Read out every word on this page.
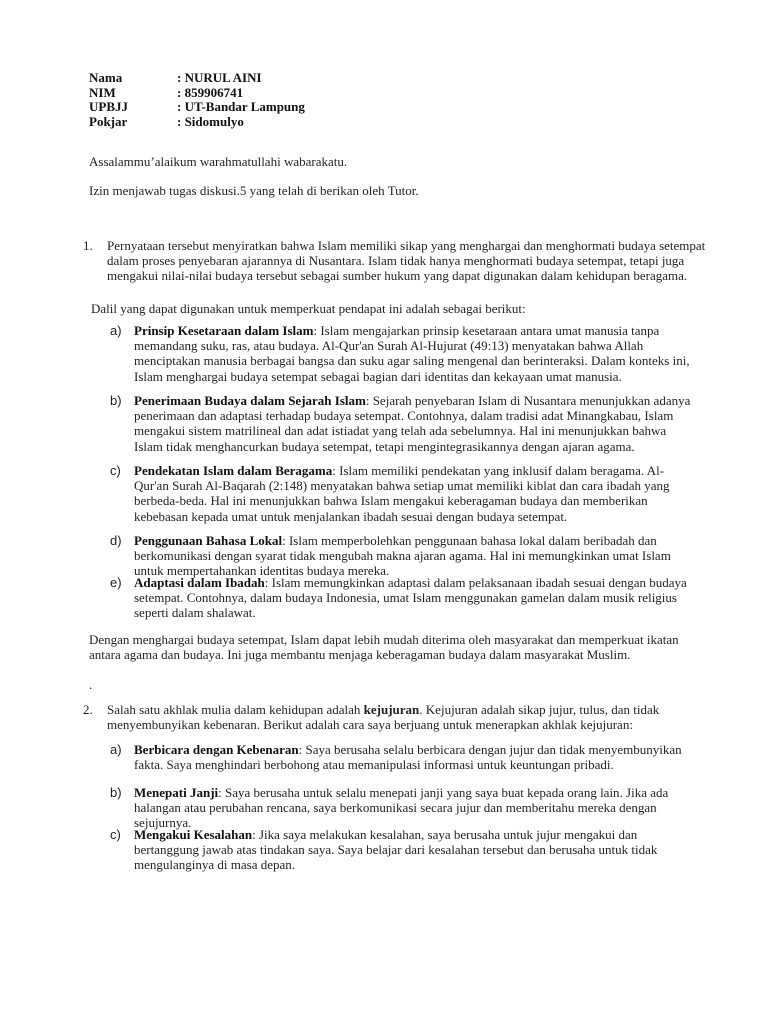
Nama	: NURUL AINI
NIM	: 859906741
UPBJJ	: UT-Bandar Lampung
Pokjar	: Sidomulyo

Assalammu’alaikum warahmatullahi wabarakatu.

Izin menjawab tugas diskusi.5 yang telah di berikan oleh Tutor.

1. Pernyataan tersebut menyiratkan bahwa Islam memiliki sikap yang menghargai dan menghormati budaya setempat dalam proses penyebaran ajarannya di Nusantara. Islam tidak hanya menghormati budaya setempat, tetapi juga mengakui nilai-nilai budaya tersebut sebagai sumber hukum yang dapat digunakan dalam kehidupan beragama.

Dalil yang dapat digunakan untuk memperkuat pendapat ini adalah sebagai berikut:

a) Prinsip Kesetaraan dalam Islam: Islam mengajarkan prinsip kesetaraan antara umat manusia tanpa memandang suku, ras, atau budaya. Al-Qur'an Surah Al-Hujurat (49:13) menyatakan bahwa Allah menciptakan manusia berbagai bangsa dan suku agar saling mengenal dan berinteraksi. Dalam konteks ini, Islam menghargai budaya setempat sebagai bagian dari identitas dan kekayaan umat manusia.

b) Penerimaan Budaya dalam Sejarah Islam: Sejarah penyebaran Islam di Nusantara menunjukkan adanya penerimaan dan adaptasi terhadap budaya setempat. Contohnya, dalam tradisi adat Minangkabau, Islam mengakui sistem matrilineal dan adat istiadat yang telah ada sebelumnya. Hal ini menunjukkan bahwa Islam tidak menghancurkan budaya setempat, tetapi mengintegrasikannya dengan ajaran agama.

c) Pendekatan Islam dalam Beragama: Islam memiliki pendekatan yang inklusif dalam beragama. Al-Qur'an Surah Al-Baqarah (2:148) menyatakan bahwa setiap umat memiliki kiblat dan cara ibadah yang berbeda-beda. Hal ini menunjukkan bahwa Islam mengakui keberagaman budaya dan memberikan kebebasan kepada umat untuk menjalankan ibadah sesuai dengan budaya setempat.

d) Penggunaan Bahasa Lokal: Islam memperbolehkan penggunaan bahasa lokal dalam beribadah dan berkomunikasi dengan syarat tidak mengubah makna ajaran agama. Hal ini memungkinkan umat Islam untuk mempertahankan identitas budaya mereka.

e) Adaptasi dalam Ibadah: Islam memungkinkan adaptasi dalam pelaksanaan ibadah sesuai dengan budaya setempat. Contohnya, dalam budaya Indonesia, umat Islam menggunakan gamelan dalam musik religius seperti dalam shalawat.

Dengan menghargai budaya setempat, Islam dapat lebih mudah diterima oleh masyarakat dan memperkuat ikatan antara agama dan budaya. Ini juga membantu menjaga keberagaman budaya dalam masyarakat Muslim.

.

2. Salah satu akhlak mulia dalam kehidupan adalah kejujuran. Kejujuran adalah sikap jujur, tulus, dan tidak menyembunyikan kebenaran. Berikut adalah cara saya berjuang untuk menerapkan akhlak kejujuran:

a) Berbicara dengan Kebenaran: Saya berusaha selalu berbicara dengan jujur dan tidak menyembunyikan fakta. Saya menghindari berbohong atau memanipulasi informasi untuk keuntungan pribadi.

b) Menepati Janji: Saya berusaha untuk selalu menepati janji yang saya buat kepada orang lain. Jika ada halangan atau perubahan rencana, saya berkomunikasi secara jujur dan memberitahu mereka dengan sejujurnya.

c) Mengakui Kesalahan: Jika saya melakukan kesalahan, saya berusaha untuk jujur mengakui dan bertanggung jawab atas tindakan saya. Saya belajar dari kesalahan tersebut dan berusaha untuk tidak mengulanginya di masa depan.
